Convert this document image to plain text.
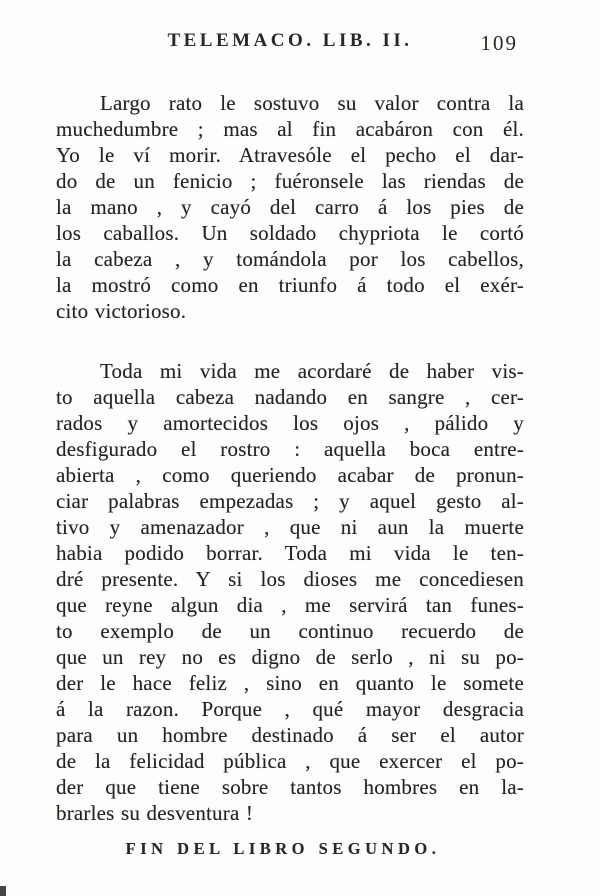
TELEMACO. LIB. II.	109
Largo rato le sostuvo su valor contra la
muchedumbre ; mas al fin acabáron con él.
Yo le ví morir. Atravesóle el pecho el dar-
do de un fenicio ; fuéronsele las riendas de
la mano , y cayó del carro á los pies de
los caballos. Un soldado chypriota le cortó
la cabeza , y tomándola por los cabellos,
la mostró como en triunfo á todo el exér-
cito victorioso.
Toda mi vida me acordaré de haber vis-
to aquella cabeza nadando en sangre , cer-
rados y amortecidos los ojos , pálido y
desfigurado el rostro : aquella boca entre-
abierta , como queriendo acabar de pronun-
ciar palabras empezadas ; y aquel gesto al-
tivo y amenazador , que ni aun la muerte
habia podido borrar. Toda mi vida le ten-
dré presente. Y si los dioses me concediesen
que reyne algun dia , me servirá tan funes-
to exemplo de un continuo recuerdo de
que un rey no es digno de serlo , ni su po-
der le hace feliz , sino en quanto le somete
á la razon. Porque , qué mayor desgracia
para un hombre destinado á ser el autor
de la felicidad pública , que exercer el po-
der que tiene sobre tantos hombres en la-
brarles su desventura !
FIN DEL LIBRO SEGUNDO.
